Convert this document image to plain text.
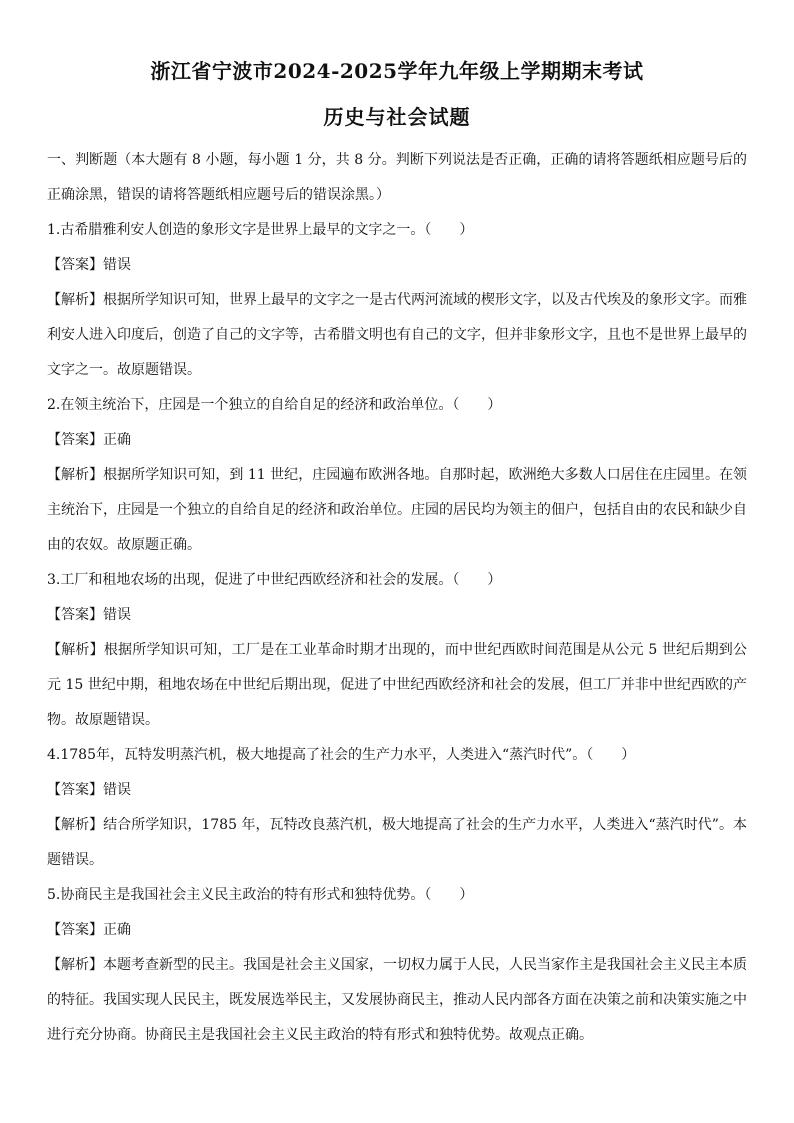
浙江省宁波市2024-2025学年九年级上学期期末考试
历史与社会试题

一、判断题（本大题有 8 小题，每小题 1 分，共 8 分。判断下列说法是否正确，正确的请将答题纸相应题号后的正确涂黑，错误的请将答题纸相应题号后的错误涂黑。）

1.古希腊雅利安人创造的象形文字是世界上最早的文字之一。（　　）

【答案】错误

【解析】根据所学知识可知，世界上最早的文字之一是古代两河流域的楔形文字，以及古代埃及的象形文字。而雅利安人进入印度后，创造了自己的文字等，古希腊文明也有自己的文字，但并非象形文字，且也不是世界上最早的文字之一。故原题错误。

2.在领主统治下，庄园是一个独立的自给自足的经济和政治单位。（　　）

【答案】正确

【解析】根据所学知识可知，到 11 世纪，庄园遍布欧洲各地。自那时起，欧洲绝大多数人口居住在庄园里。在领主统治下，庄园是一个独立的自给自足的经济和政治单位。庄园的居民均为领主的佃户，包括自由的农民和缺少自由的农奴。故原题正确。

3.工厂和租地农场的出现，促进了中世纪西欧经济和社会的发展。（　　）

【答案】错误

【解析】根据所学知识可知，工厂是在工业革命时期才出现的，而中世纪西欧时间范围是从公元 5 世纪后期到公元 15 世纪中期，租地农场在中世纪后期出现，促进了中世纪西欧经济和社会的发展，但工厂并非中世纪西欧的产物。故原题错误。

4.1785年，瓦特发明蒸汽机，极大地提高了社会的生产力水平，人类进入“蒸汽时代”。（　　）

【答案】错误

【解析】结合所学知识，1785 年，瓦特改良蒸汽机，极大地提高了社会的生产力水平，人类进入“蒸汽时代”。本题错误。

5.协商民主是我国社会主义民主政治的特有形式和独特优势。（　　）

【答案】正确

【解析】本题考查新型的民主。我国是社会主义国家，一切权力属于人民，人民当家作主是我国社会主义民主本质的特征。我国实现人民民主，既发展选举民主，又发展协商民主，推动人民内部各方面在决策之前和决策实施之中进行充分协商。协商民主是我国社会主义民主政治的特有形式和独特优势。故观点正确。
